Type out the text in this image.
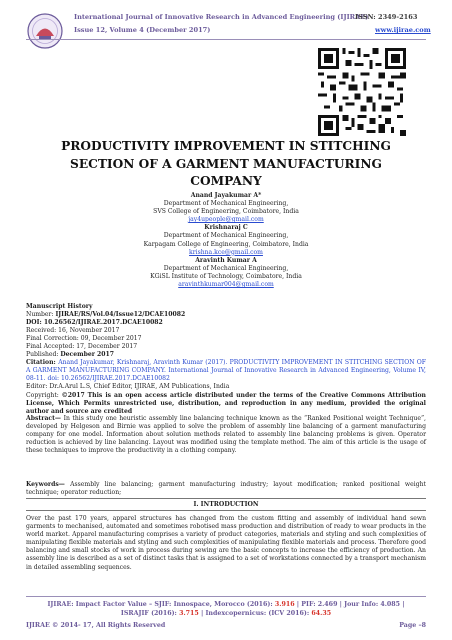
International Journal of Innovative Research in Advanced Engineering (IJIRAE)
ISSN: 2349-2163
Issue 12, Volume 4 (December 2017)	www.ijirae.com
PRODUCTIVITY IMPROVEMENT IN STITCHING
SECTION OF A GARMENT MANUFACTURING
COMPANY
Anand Jayakumar A*
Department of Mechanical Engineering,
SVS College of Engineering, Coimbatore, India
jay4upeople@gmail.com
Krishnaraj C
Department of Mechanical Engineering,
Karpagam College of Engineering, Coimbatore, India
krishna.kce@gmail.com
Aravinth Kumar A
Department of Mechanical Engineering,
KGiSL Institute of Technology, Coimbatore, India
aravinthkumar004@gmail.com
Manuscript History
Number: IJIRAE/RS/Vol.04/Issue12/DCAE10082
DOI: 10.26562/IJIRAE.2017.DCAE10082
Received: 16, November 2017
Final Correction: 09, December 2017
Final Accepted: 17, December 2017
Published: December 2017
Citation: Anand Jayakumar, Krishnaraj, Aravinth Kumar (2017). PRODUCTIVITY IMPROVEMENT IN STITCHING SECTION OF A GARMENT MANUFACTURING COMPANY. International Journal of Innovative Research in Advanced Engineering, Volume IV, 08-11. doi: 10.26562/IJIRAE.2017.DCAE10082
Editor: Dr.A.Arul L.S, Chief Editor, IJIRAE, AM Publications, India
Copyright: ©2017 This is an open access article distributed under the terms of the Creative Commons Attribution License, Which Permits unrestricted use, distribution, and reproduction in any medium, provided the original author and source are credited
Abstract— In this study one heuristic assembly line balancing technique known as the “Ranked Positional weight Technique”, developed by Helgeson and Birnie was applied to solve the problem of assembly line balancing of a garment manufacturing company for one model. Information about solution methods related to assembly line balancing problems is given. Operator reduction is achieved by line balancing. Layout was modified using the template method. The aim of this article is the usage of these techniques to improve the productivity in a clothing company.
Keywords— Assembly line balancing; garment manufacturing industry; layout modification; ranked positional weight technique; operator reduction;
I. INTRODUCTION
Over the past 170 years, apparel structures has changed from the custom fitting and assembly of individual hand sewn garments to mechanised, automated and sometimes robotised mass production and distribution of ready to wear products in the world market. Apparel manufacturing comprises a variety of product categories, materials and styling and such complexities of manipulating flexible materials and styling and such complexities of manipulating flexible materials and process. Therefore good balancing and small stocks of work in process during sewing are the basic concepts to increase the efficiency of production. An assembly line is described as a set of distinct tasks that is assigned to a set of workstations connected by a transport mechanism in detailed assembling sequences.
IJIRAE: Impact Factor Value – SJIF: Innospace, Morocco (2016): 3.916 | PIF: 2.469 | Jour Info: 4.085 |
ISRAJIF (2016): 3.715 | Indexcopernicus: (ICV 2016): 64.35
IJIRAE © 2014- 17, All Rights Reserved	Page –8
